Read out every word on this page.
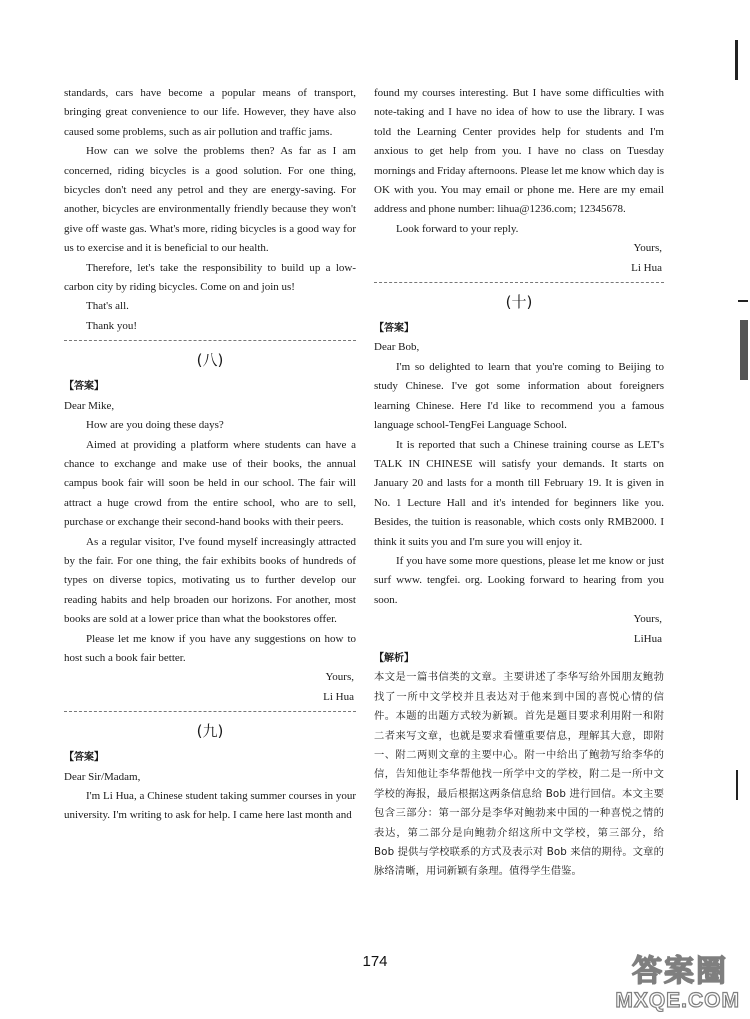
standards, cars have become a popular means of transport, bringing great convenience to our life. However, they have also caused some problems, such as air pollution and traffic jams.

How can we solve the problems then? As far as I am concerned, riding bicycles is a good solution. For one thing, bicycles don't need any petrol and they are energy-saving. For another, bicycles are environmentally friendly because they won't give off waste gas. What's more, riding bicycles is a good way for us to exercise and it is beneficial to our health.

Therefore, let's take the responsibility to build up a low-carbon city by riding bicycles. Come on and join us!

That's all.

Thank you!

(八)

【答案】

Dear Mike,

How are you doing these days?

Aimed at providing a platform where students can have a chance to exchange and make use of their books, the annual campus book fair will soon be held in our school. The fair will attract a huge crowd from the entire school, who are to sell, purchase or exchange their second-hand books with their peers.

As a regular visitor, I've found myself increasingly attracted by the fair. For one thing, the fair exhibits books of hundreds of types on diverse topics, motivating us to further develop our reading habits and help broaden our horizons. For another, most books are sold at a lower price than what the bookstores offer.

Please let me know if you have any suggestions on how to host such a book fair better.

Yours,

Li Hua

(九)

【答案】

Dear Sir/Madam,

I'm Li Hua, a Chinese student taking summer courses in your university. I'm writing to ask for help. I came here last month and

found my courses interesting. But I have some difficulties with note-taking and I have no idea of how to use the library. I was told the Learning Center provides help for students and I'm anxious to get help from you. I have no class on Tuesday mornings and Friday afternoons. Please let me know which day is OK with you. You may email or phone me. Here are my email address and phone number: lihua@1236.com; 12345678.

Look forward to your reply.

Yours,

Li Hua

(十)

【答案】

Dear Bob,

I'm so delighted to learn that you're coming to Beijing to study Chinese. I've got some information about foreigners learning Chinese. Here I'd like to recommend you a famous language school-TengFei Language School.

It is reported that such a Chinese training course as LET's TALK IN CHINESE will satisfy your demands. It starts on January 20 and lasts for a month till February 19. It is given in No. 1 Lecture Hall and it's intended for beginners like you. Besides, the tuition is reasonable, which costs only RMB2000. I think it suits you and I'm sure you will enjoy it.

If you have some more questions, please let me know or just surf www. tengfei. org. Looking forward to hearing from you soon.

Yours,

LiHua

【解析】

本文是一篇书信类的文章。主要讲述了李华写给外国朋友鲍勃找了一所中文学校并且表达对于他来到中国的喜悦心情的信件。本题的出题方式较为新颖。首先是题目要求利用附一和附二者来写文章，也就是要求看懂重要信息，理解其大意，即附一、附二两则文章的主要中心。附一中给出了鲍勃写给李华的信，告知他让李华帮他找一所学中文的学校，附二是一所中文学校的海报，最后根据这两条信息给 Bob 进行回信。本文主要包含三部分：第一部分是李华对鲍勃来中国的一种喜悦之情的表达，第二部分是向鲍勃介绍这所中文学校，第三部分，给 Bob 提供与学校联系的方式及表示对 Bob 来信的期待。文章的脉络清晰，用词新颖有条理。值得学生借鉴。

174	答案圈
MXQE.COM
